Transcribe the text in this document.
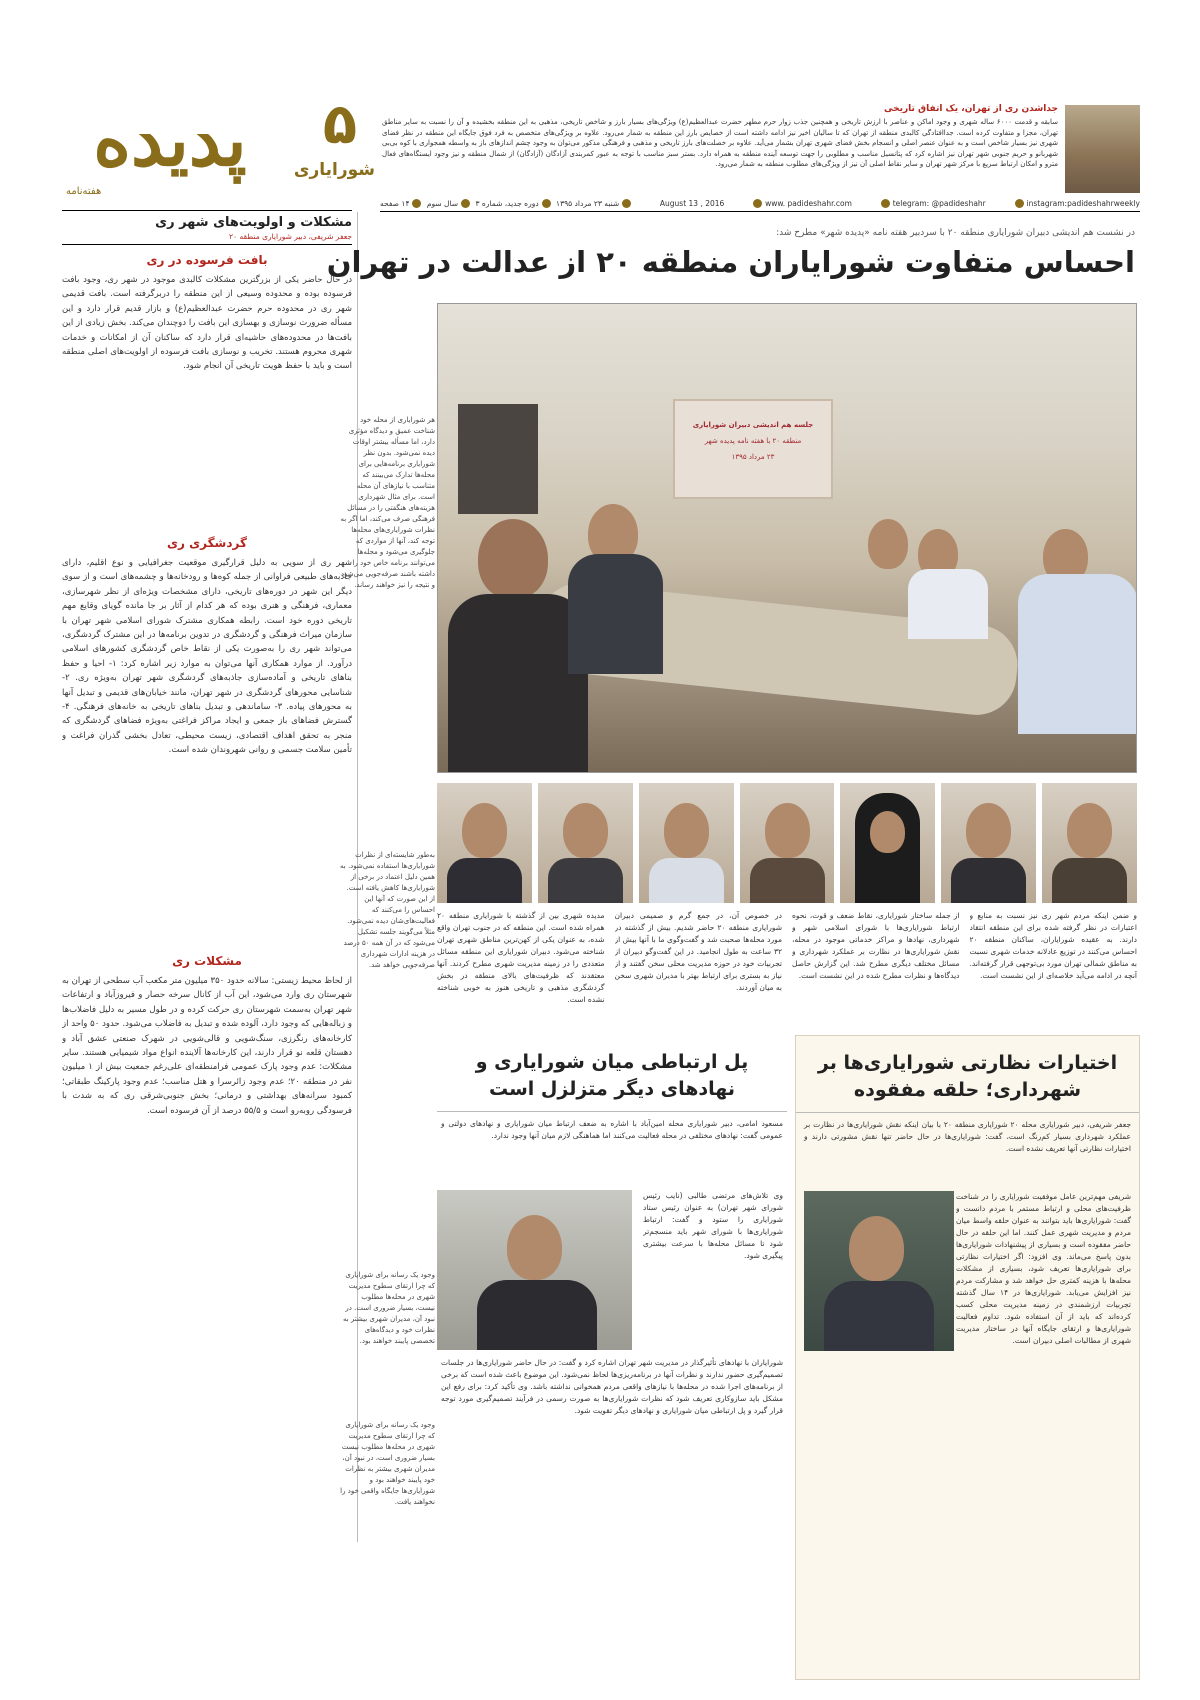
پدیده
هفته‌نامه
۵
شورایاری
جداشدن ری از تهران، یک اتفاق تاریخی
سابقه و قدمت ۶۰۰۰ ساله شهری و وجود اماکن و عناصر با ارزش تاریخی و همچنین جذب زوار حرم مطهر حضرت عبدالعظیم(ع) ویژگی‌های بسیار بارز و شاخص تاریخی، مذهبی به این منطقه بخشیده و آن را نسبت به سایر مناطق تهران، مجزا و متفاوت کرده است. جداافتادگی کالبدی منطقه از تهران که تا سالیان اخیر نیز ادامه داشته است از خصایص بارز این منطقه به شمار می‌رود. علاوه بر ویژگی‌های متخصص به فرد فوق جایگاه این منطقه در نظر فضای شهری نیز بسیار شاخص است و به عنوان عنصر اصلی و انسجام بخش فضای شهری تهران بشمار می‌آید. علاوه بر خصلت‌های بارز تاریخی و مذهبی و فرهنگی مذکور می‌توان به وجود چشم اندازهای باز به واسطه همجواری با کوه بی‌بی شهربانو و حریم جنوبی شهر تهران نیز اشاره کرد که پتانسیل مناسب و مطلوبی را جهت توسعه آینده منطقه به همراه دارد. بستر سبز مناسب با توجه به عبور کمربندی آزادگان (آزادگان) از شمال منطقه و نیز وجود ایستگاه‌های فعال مترو و امکان ارتباط سریع با مرکز شهر تهران و سایر نقاط اصلی آن نیز از ویژگی‌های مطلوب منطقه به شمار می‌رود.
شنبه ۲۳ مرداد ۱۳۹۵ دوره جدید، شماره ۳ سال سوم ۱۴ صفحه	August 13 , 2016	www. padideshahr.com	telegram: @padideshahr	instagram:padideshahrweekly
مشکلات و اولویت‌های شهر ری
جعفر شریفی، دبیر شورایاری منطقه ۲۰
بافت فرسوده در ری
در حال حاضر یکی از بزرگترین مشکلات کالبدی موجود در شهر ری، وجود بافت فرسوده بوده و محدوده وسیعی از این منطقه را دربرگرفته است. بافت قدیمی شهر ری در محدوده حرم حضرت عبدالعظیم(ع) و بازار قدیم قرار دارد و این مسأله ضرورت نوسازی و بهسازی این بافت را دوچندان می‌کند. بخش زیادی از این بافت‌ها در محدوده‌های حاشیه‌ای قرار دارد که ساکنان آن از امکانات و خدمات شهری محروم هستند. تخریب و نوسازی بافت فرسوده از اولویت‌های اصلی منطقه است و باید با حفظ هویت تاریخی آن انجام شود.
گردشگری ری
شهر ری از سویی به دلیل قرارگیری موقعیت جغرافیایی و نوع اقلیم، دارای جاذبه‌های طبیعی فراوانی از جمله کوه‌ها و رودخانه‌ها و چشمه‌های است و از سوی دیگر این شهر در دوره‌های تاریخی، دارای مشخصات ویژه‌ای از نظر شهرسازی، معماری، فرهنگی و هنری بوده که هر کدام از آثار بر جا مانده گویای وقایع مهم تاریخی دوره خود است. رابطه همکاری مشترک شورای اسلامی شهر تهران با سازمان میراث فرهنگی و گردشگری در تدوین برنامه‌ها در این مشترک گردشگری، می‌تواند شهر ری را به‌صورت یکی از نقاط خاص گردشگری کشورهای اسلامی درآورد. از موارد همکاری آنها می‌توان به موارد زیر اشاره کرد: ۱- احیا و حفظ بناهای تاریخی و آماده‌سازی جاذبه‌های گردشگری شهر تهران به‌ویژه ری. ۲- شناسایی محورهای گردشگری در شهر تهران، مانند خیابان‌های قدیمی و تبدیل آنها به محورهای پیاده. ۳- ساماندهی و تبدیل بناهای تاریخی به خانه‌های فرهنگی. ۴- گسترش فضاهای باز جمعی و ایجاد مراکز فراغتی به‌ویژه فضاهای گردشگری که منجر به تحقق اهداف اقتصادی، زیست محیطی، تعادل بخشی گذران فراغت و تأمین سلامت جسمی و روانی شهروندان شده است.
مشکلات ری
از لحاظ محیط زیستی: سالانه حدود ۳۵۰ میلیون متر مکعب آب سطحی از تهران به شهرستان ری وارد می‌شود، این آب از کانال سرخه حصار و فیروزآباد و ارتفاعات شهر تهران به‌سمت شهرستان ری حرکت کرده و در طول مسیر به دلیل فاضلاب‌ها و زباله‌هایی که وجود دارد، آلوده شده و تبدیل به فاضلاب می‌شود. حدود ۵۰ واحد از کارخانه‌های رنگرزی، سنگ‌شویی و قالی‌شویی در شهرک صنعتی عشق آباد و دهستان قلعه نو قرار دارند، این کارخانه‌ها آلاینده انواع مواد شیمیایی هستند. سایر مشکلات: عدم وجود پارک عمومی فرامنطقه‌ای علی‌رغم جمعیت بیش از ۱ میلیون نفر در منطقه ۲۰؛ عدم وجود زائرسرا و هتل مناسب؛ عدم وجود پارکینگ طبقاتی؛ کمبود سرانه‌های بهداشتی و درمانی؛ بخش جنوبی‌شرقی ری که به شدت با فرسودگی روبه‌رو است و ۵۵/۵ درصد از آن فرسوده است.
در نشست هم اندیشی دبیران شورایاری منطقه ۲۰ با سردبیر هفته نامه «پدیده شهر» مطرح شد:
احساس متفاوت شورایاران منطقه ۲۰ از عدالت در تهران
جلسه هم اندیشی دبیران شورایاری
منطقه ۲۰ با هفته نامه پدیده شهر
۲۳ مرداد ۱۳۹۵
هر شورایاری از محله خود شناخت عمیق و دیدگاه مؤثری دارد، اما مسأله بیشتر اوقات دیده نمی‌شود. بدون نظر شورایاری برنامه‌هایی برای محله‌ها تدارک می‌بینند که متناسب با نیازهای آن محله است. برای مثال شهرداری هزینه‌های هنگفتی را در مسائل فرهنگی صرف می‌کند، اما اگر به نظرات شورایاری‌های محله‌ها توجه کند، آنها از مواردی که جلوگیری می‌شود و محله‌ها می‌توانند برنامه خاص خود را داشته باشند صرفه‌جویی می‌شود و نتیجه را نیز خواهند رساند.
به‌طور شایسته‌ای از نظرات شورایاری‌ها استفاده نمی‌شود. به همین دلیل اعتماد در برخی از شورایاری‌ها کاهش یافته است. از این صورت که آنها این احساس را می‌کنند که فعالیت‌های‌شان دیده نمی‌شود. مثلاً می‌گویند جلسه تشکیل می‌شود که در آن همه ۵۰ درصد در هزینه ادارات شهرداری صرفه‌جویی خواهد شد.
مدیده شهری بین از گذشته با شورایاری منطقه ۲۰ همراه شده است. این منطقه که در جنوب تهران واقع شده، به عنوان یکی از کهن‌ترین مناطق شهری تهران شناخته می‌شود. دبیران شورایاری این منطقه مسائل متعددی را در زمینه مدیریت شهری مطرح کردند. آنها معتقدند که ظرفیت‌های بالای منطقه در بخش گردشگری مذهبی و تاریخی هنوز به خوبی شناخته نشده است.
در خصوص آن، در جمع گرم و صمیمی دبیران شورایاری منطقه ۲۰ حاضر شدیم. بیش از گذشته در مورد محله‌ها صحبت شد و گفت‌وگوی ما با آنها بیش از ۳۲ ساعت به طول انجامید. در این گفت‌وگو دبیران از تجربیات خود در حوزه مدیریت محلی سخن گفتند و از نیاز به بستری برای ارتباط بهتر با مدیران شهری سخن به میان آوردند.
از جمله ساختار شورایاری، نقاط ضعف و قوت، نحوه ارتباط شورایاری‌ها با شورای اسلامی شهر و شهرداری، نهادها و مراکز خدماتی موجود در محله، نقش شورایاری‌ها در نظارت بر عملکرد شهرداری و مسائل مختلف دیگری مطرح شد. این گزارش حاصل دیدگاه‌ها و نظرات مطرح شده در این نشست است.
و ضمن اینکه مردم شهر ری نیز نسبت به منابع و اعتبارات در نظر گرفته شده برای این منطقه انتقاد دارند. به عقیده شورایاران، ساکنان منطقه ۲۰ احساس می‌کنند در توزیع عادلانه خدمات شهری نسبت به مناطق شمالی تهران مورد بی‌توجهی قرار گرفته‌اند. آنچه در ادامه می‌آید خلاصه‌ای از این نشست است.
اختیارات نظارتی شورایاری‌ها بر شهرداری؛ حلقه مفقوده
جعفر شریفی، دبیر شورایاری محله ۲۰ شورایاری منطقه ۲۰ با بیان اینکه نقش شورایاری‌ها در نظارت بر عملکرد شهرداری بسیار کم‌رنگ است، گفت: شورایاری‌ها در حال حاضر تنها نقش مشورتی دارند و اختیارات نظارتی آنها تعریف نشده است.
شریفی مهم‌ترین عامل موفقیت شورایاری را در شناخت ظرفیت‌های محلی و ارتباط مستمر با مردم دانست و گفت: شورایاری‌ها باید بتوانند به عنوان حلقه واسط میان مردم و مدیریت شهری عمل کنند. اما این حلقه در حال حاضر مفقوده است و بسیاری از پیشنهادات شورایاری‌ها بدون پاسخ می‌ماند. وی افزود: اگر اختیارات نظارتی برای شورایاری‌ها تعریف شود، بسیاری از مشکلات محله‌ها با هزینه کمتری حل خواهد شد و مشارکت مردم نیز افزایش می‌یابد. شورایاری‌ها در ۱۴ سال گذشته تجربیات ارزشمندی در زمینه مدیریت محلی کسب کرده‌اند که باید از آن استفاده شود. تداوم فعالیت شورایاری‌ها و ارتقای جایگاه آنها در ساختار مدیریت شهری از مطالبات اصلی دبیران است.
پل ارتباطی میان شورایاری و نهادهای دیگر متزلزل است
مسعود امامی، دبیر شورایاری محله امین‌آباد با اشاره به ضعف ارتباط میان شورایاری و نهادهای دولتی و عمومی گفت: نهادهای مختلفی در محله فعالیت می‌کنند اما هماهنگی لازم میان آنها وجود ندارد.
وی تلاش‌های مرتضی طالبی (نایب رئیس شورای شهر تهران) به عنوان رئیس ستاد شورایاری را ستود و گفت: ارتباط شورایاری‌ها با شورای شهر باید منسجم‌تر شود تا مسائل محله‌ها با سرعت بیشتری پیگیری شود.
شورایاران با نهادهای تأثیرگذار در مدیریت شهر تهران اشاره کرد و گفت: در حال حاضر شورایاری‌ها در جلسات تصمیم‌گیری حضور ندارند و نظرات آنها در برنامه‌ریزی‌ها لحاظ نمی‌شود. این موضوع باعث شده است که برخی از برنامه‌های اجرا شده در محله‌ها با نیازهای واقعی مردم همخوانی نداشته باشد. وی تأکید کرد: برای رفع این مشکل باید سازوکاری تعریف شود که نظرات شورایاری‌ها به صورت رسمی در فرآیند تصمیم‌گیری مورد توجه قرار گیرد و پل ارتباطی میان شورایاری و نهادهای دیگر تقویت شود.
وجود یک رسانه برای شورایاری که چرا ارتقای سطوح مدیریت شهری در محله‌ها مطلوب نیست، بسیار ضروری است. در نبود آن، مدیران شهری بیشتر به نظرات خود و دیدگاه‌های تخصصی پایبند خواهند بود.
وجود یک رسانه برای شورایاری که چرا ارتقای سطوح مدیریت شهری در محله‌ها مطلوب نیست بسیار ضروری است، در نبود آن، مدیران شهری بیشتر به نظرات خود پایبند خواهند بود و شورایاری‌ها جایگاه واقعی خود را نخواهند یافت.
